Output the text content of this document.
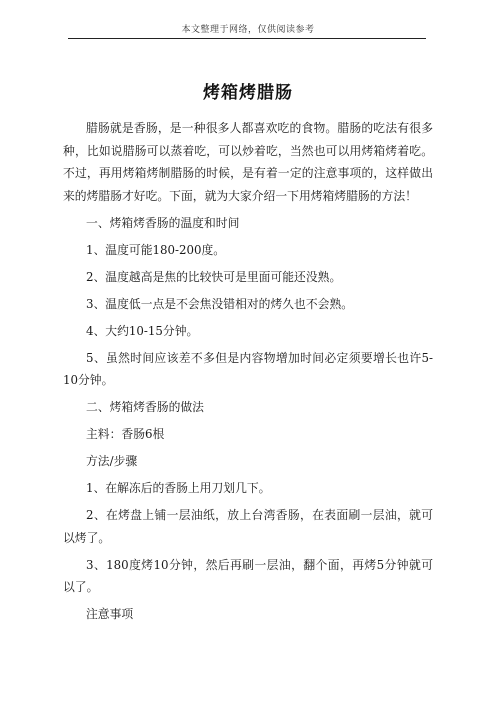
本文整理于网络，仅供阅读参考
烤箱烤腊肠

腊肠就是香肠，是一种很多人都喜欢吃的食物。腊肠的吃法有很多种，比如说腊肠可以蒸着吃，可以炒着吃，当然也可以用烤箱烤着吃。不过，再用烤箱烤制腊肠的时候，是有着一定的注意事项的，这样做出来的烤腊肠才好吃。下面，就为大家介绍一下用烤箱烤腊肠的方法！

一、烤箱烤香肠的温度和时间

1、温度可能180-200度。

2、温度越高是焦的比较快可是里面可能还没熟。

3、温度低一点是不会焦没错相对的烤久也不会熟。

4、大约10-15分钟。

5、虽然时间应该差不多但是内容物增加时间必定须要增长也许5-10分钟。

二、烤箱烤香肠的做法

主料：香肠6根

方法/步骤

1、在解冻后的香肠上用刀划几下。

2、在烤盘上铺一层油纸，放上台湾香肠，在表面刷一层油，就可以烤了。

3、180度烤10分钟，然后再刷一层油，翻个面，再烤5分钟就可以了。

注意事项
